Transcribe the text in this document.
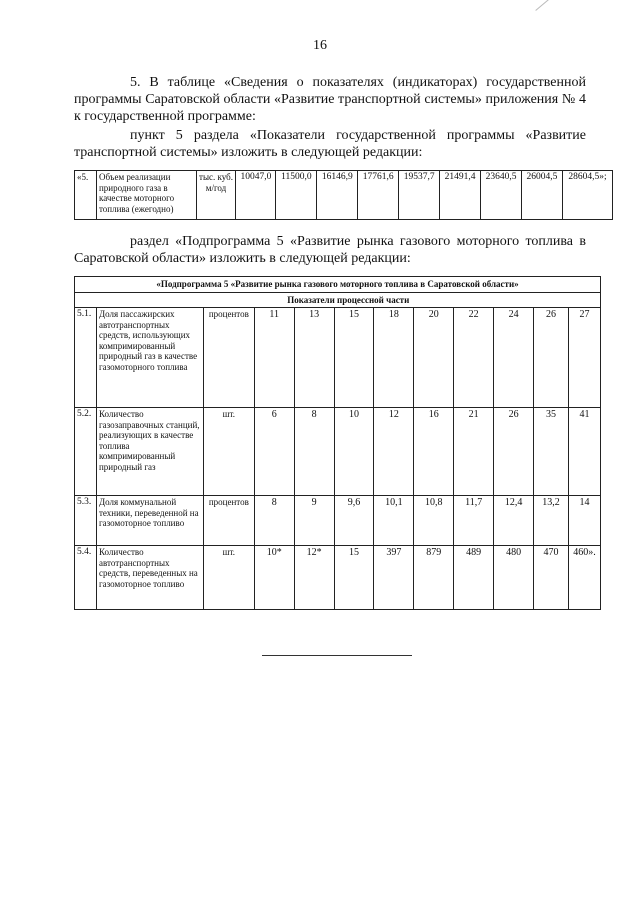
16
5. В таблице «Сведения о показателях (индикаторах) государственной программы Саратовской области «Развитие транспортной системы» приложения № 4 к государственной программе:
пункт 5 раздела «Показатели государственной программы «Развитие транспортной системы» изложить в следующей редакции:
«5.	Объем реализации природного газа в качестве моторного топлива (ежегодно)	тыс. куб. м/год	10047,0	11500,0	16146,9	17761,6	19537,7	21491,4	23640,5	26004,5	28604,5»;
раздел «Подпрограмма 5 «Развитие рынка газового моторного топлива в Саратовской области» изложить в следующей редакции:
«Подпрограмма 5 «Развитие рынка газового моторного топлива в Саратовской области»											
	Показатели процессной части										
5.1.	Доля пассажирских автотранспортных средств, использующих компримированный природный газ в качестве газомоторного топлива	процентов	11	13	15	18	20	22	24	26	27
5.2.	Количество газозаправочных станций, реализующих в качестве топлива компримированный природный газ	шт.	6	8	10	12	16	21	26	35	41
5.3.	Доля коммунальной техники, переведенной на газомоторное топливо	процентов	8	9	9,6	10,1	10,8	11,7	12,4	13,2	14
5.4.	Количество автотранспортных средств, переведенных на газомоторное топливо	шт.	10*	12*	15	397	879	489	480	470	460».
